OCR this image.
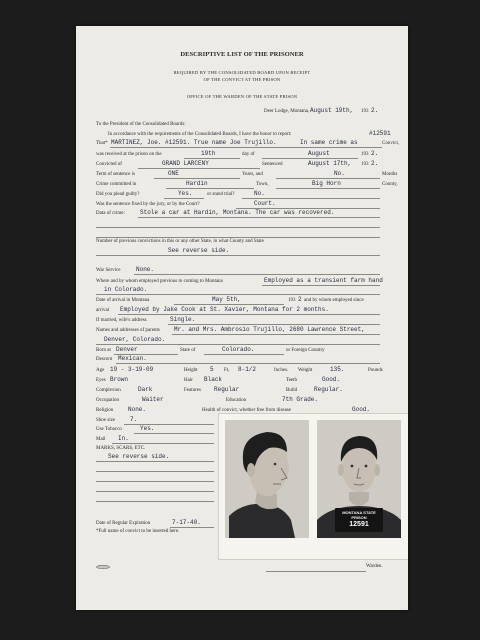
DESCRIPTIVE LIST OF THE PRISONER
REQUIRED BY THE CONSOLIDATED BOARD UPON RECEIPT
OF THE CONVICT AT THE PRISON
OFFICE OF THE WARDEN OF THE STATE PRISON
Deer Lodge, Montana, August 19th, 193 2.
To the President of the Consolidated Boards:
In accordance with the requirements of the Consolidated Boards, I have the honor to report:	#12591
That* MARTINEZ, Joe. #12591. True name Joe Trujillo.	In same crime as	Convict,
was received at the prison on the	19th	day of	August	193 2.
Convicted of	GRAND LARCENY	Sentenced	August 17th, 193 2.
Term of sentence is	ONE	Years, and	No.	Months
Crime committed in	Hardin	Town,	Big Horn	County,
Did you plead guilty?	Yes.	or stand trial?	No.
Was the sentence fixed by the jury, or by the Court?	Court.
Data of crime:	Stole a car at Hardin, Montana. The car was recovered.
Number of previous convictions in this or any other State, in what County and State
See reverse side.
War Service	None.
Where and by whom employed previous to coming to Montana	Employed as a transient farm hand
in Colorado.
Date of arrival in Montana	May 5th,	193 2 and by whom employed since
arrival Employed by Jake Cook at St. Xavier, Montana for 2 months.
If married, wife's address	Single.
Names and addresses of parents Mr. and Mrs. Ambrosio Trujillo, 2680 Lawrence Street,
Denver, Colorado.
Born at Denver	State of	Colorado.	or Foreign Country
Descent Mexican.
Age 19 - 3-19-09	Height 5 Ft, 8-1/2	Inches. Weight	135.	Pounds
Eyes Brown	Hair Black	Teeth	Good.
Complexion	Dark	Features Regular	Build	Regular.
Occupation	Waiter	Education	7th Grade.
Religion None.	Health of convict, whether free from disease	Good.
Shoe size 7.
Use Tobacco	Yes.
Mail In.
MARKS, SCARS, ETC.
See reverse side.
Date of Regular Expiration	7-17-40.
*Full name of convict to be inserted here.
Warden.
MONTANA STATE
PRISON
12591
